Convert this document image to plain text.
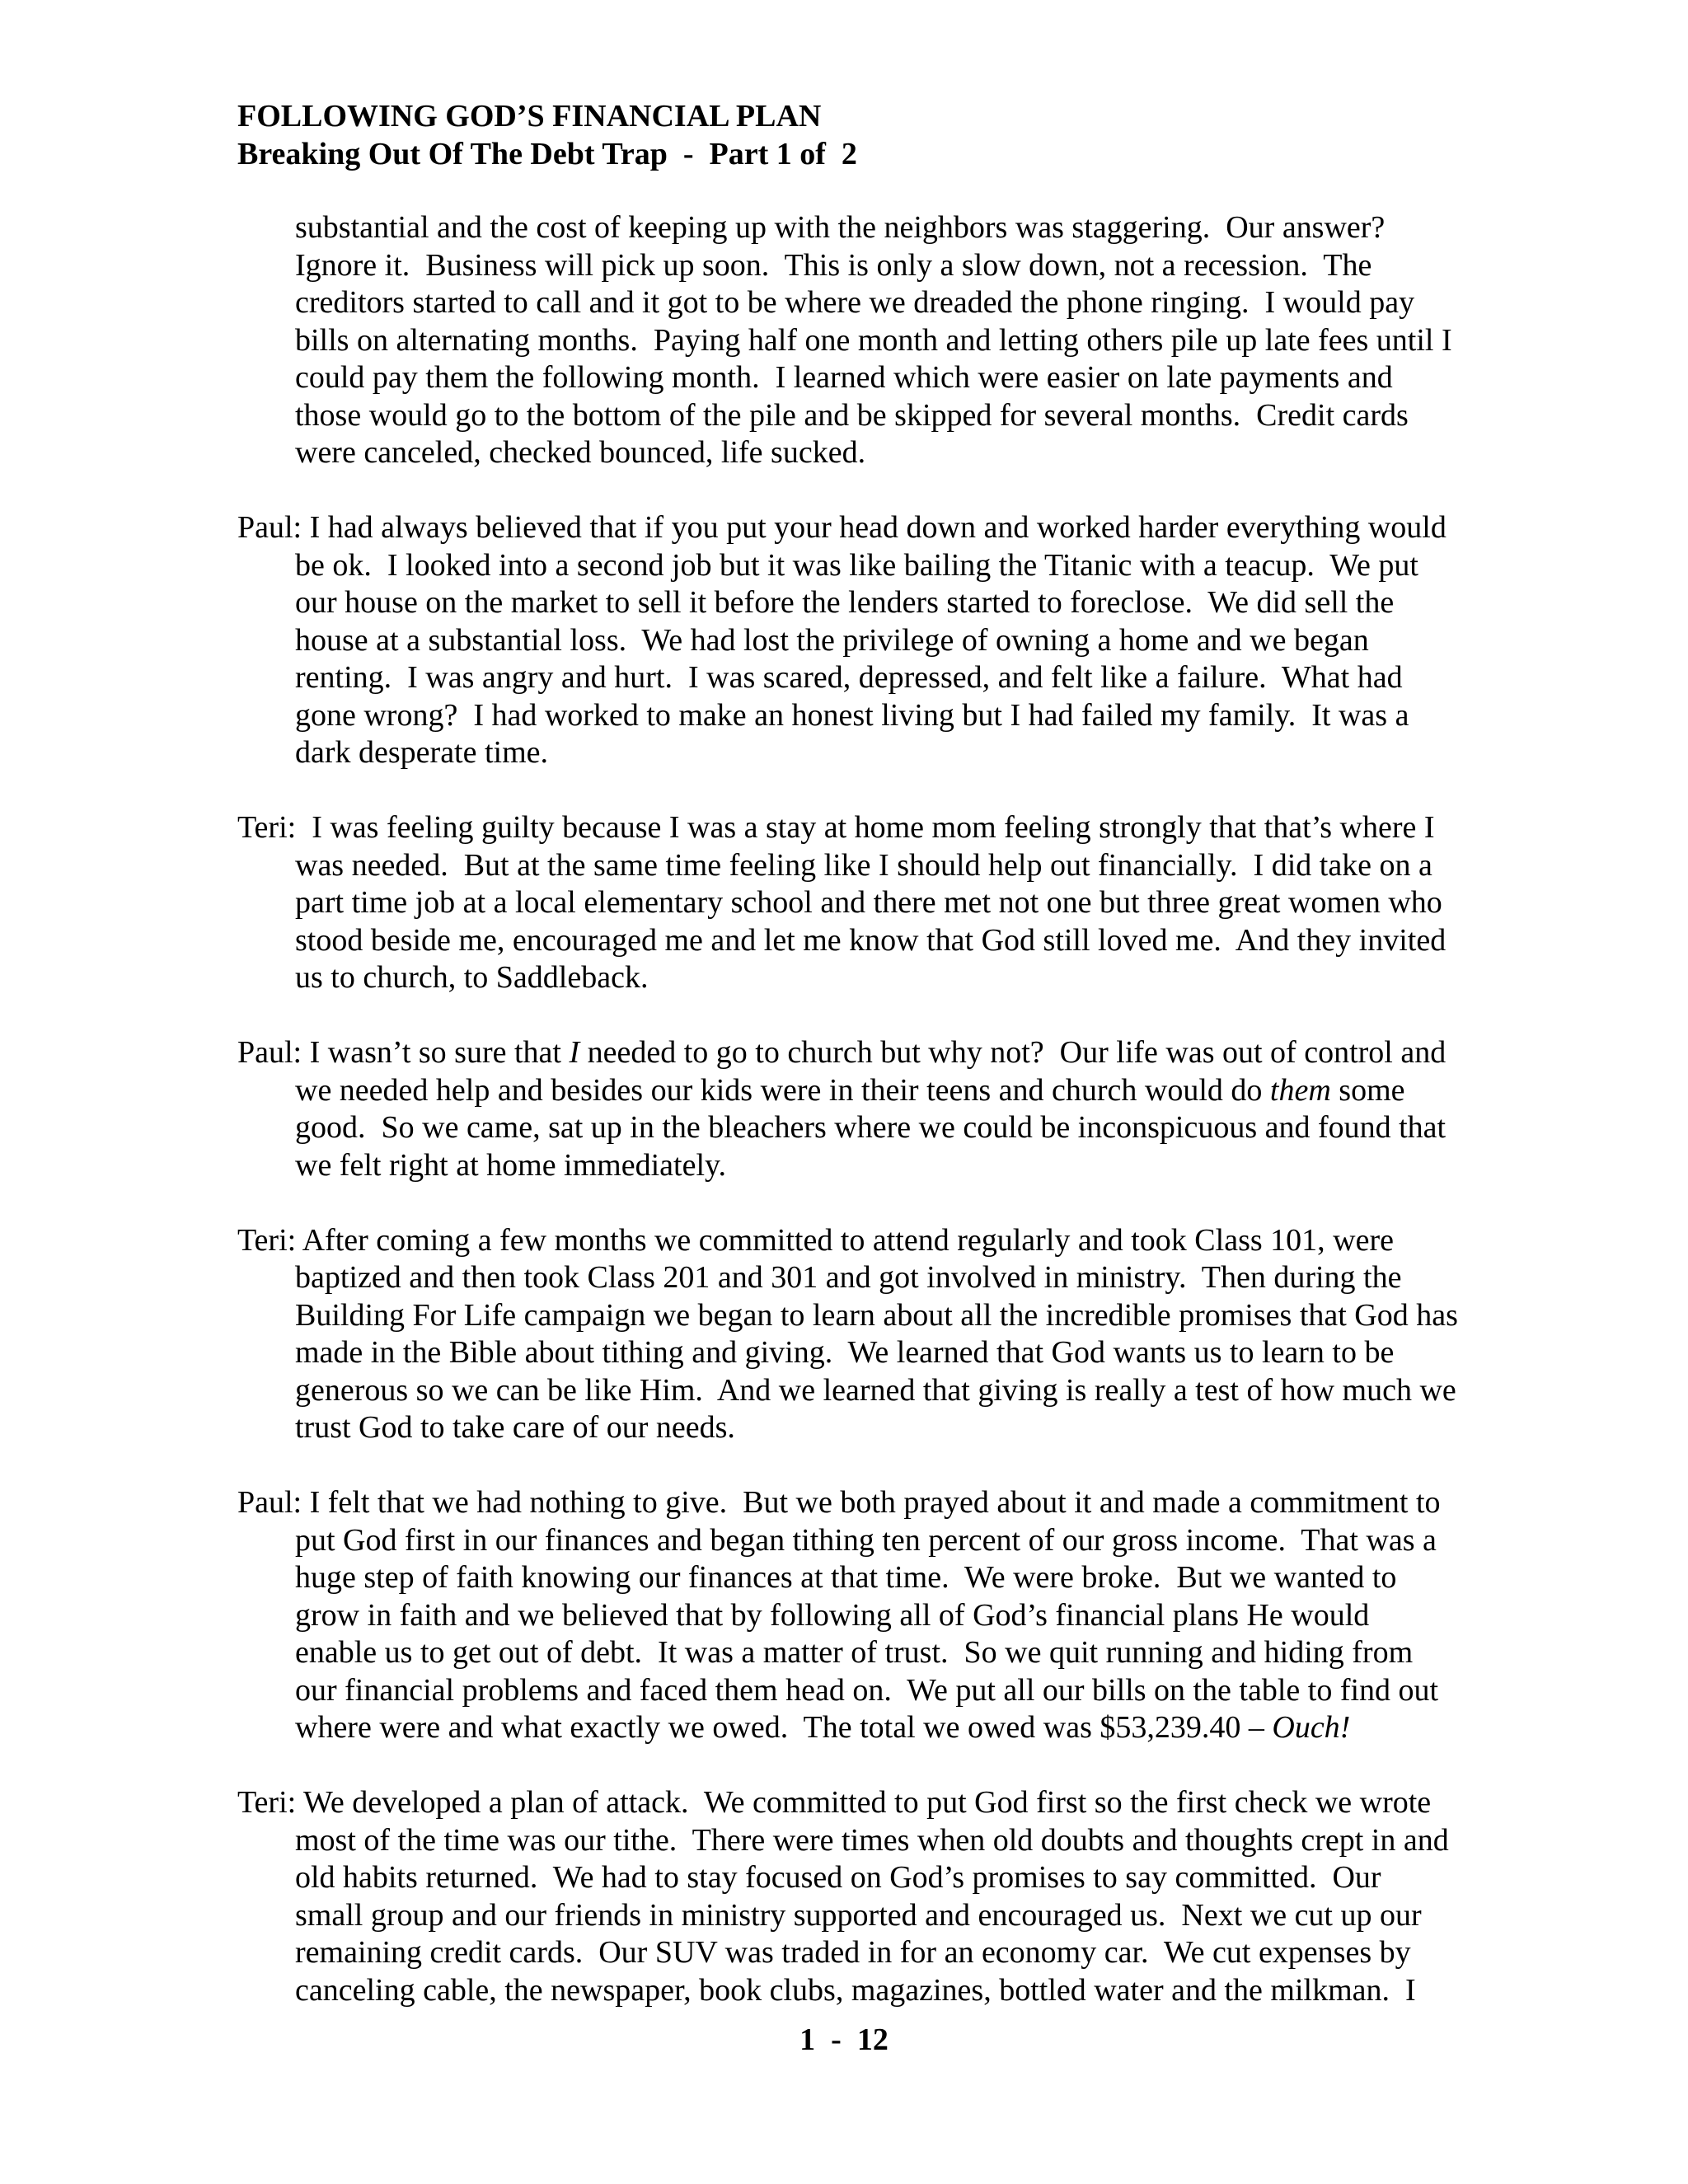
FOLLOWING GOD’S FINANCIAL PLAN
Breaking Out Of The Debt Trap  -  Part 1 of  2
substantial and the cost of keeping up with the neighbors was staggering.  Our answer?
Ignore it.  Business will pick up soon.  This is only a slow down, not a recession.  The
creditors started to call and it got to be where we dreaded the phone ringing.  I would pay
bills on alternating months.  Paying half one month and letting others pile up late fees until I
could pay them the following month.  I learned which were easier on late payments and
those would go to the bottom of the pile and be skipped for several months.  Credit cards
were canceled, checked bounced, life sucked.
Paul: I had always believed that if you put your head down and worked harder everything would
be ok.  I looked into a second job but it was like bailing the Titanic with a teacup.  We put
our house on the market to sell it before the lenders started to foreclose.  We did sell the
house at a substantial loss.  We had lost the privilege of owning a home and we began
renting.  I was angry and hurt.  I was scared, depressed, and felt like a failure.  What had
gone wrong?  I had worked to make an honest living but I had failed my family.  It was a
dark desperate time.
Teri:  I was feeling guilty because I was a stay at home mom feeling strongly that that’s where I
was needed.  But at the same time feeling like I should help out financially.  I did take on a
part time job at a local elementary school and there met not one but three great women who
stood beside me, encouraged me and let me know that God still loved me.  And they invited
us to church, to Saddleback.
Paul: I wasn’t so sure that I needed to go to church but why not?  Our life was out of control and
we needed help and besides our kids were in their teens and church would do them some
good.  So we came, sat up in the bleachers where we could be inconspicuous and found that
we felt right at home immediately.
Teri: After coming a few months we committed to attend regularly and took Class 101, were
baptized and then took Class 201 and 301 and got involved in ministry.  Then during the
Building For Life campaign we began to learn about all the incredible promises that God has
made in the Bible about tithing and giving.  We learned that God wants us to learn to be
generous so we can be like Him.  And we learned that giving is really a test of how much we
trust God to take care of our needs.
Paul: I felt that we had nothing to give.  But we both prayed about it and made a commitment to
put God first in our finances and began tithing ten percent of our gross income.  That was a
huge step of faith knowing our finances at that time.  We were broke.  But we wanted to
grow in faith and we believed that by following all of God’s financial plans He would
enable us to get out of debt.  It was a matter of trust.  So we quit running and hiding from
our financial problems and faced them head on.  We put all our bills on the table to find out
where were and what exactly we owed.  The total we owed was $53,239.40 – Ouch!
Teri: We developed a plan of attack.  We committed to put God first so the first check we wrote
most of the time was our tithe.  There were times when old doubts and thoughts crept in and
old habits returned.  We had to stay focused on God’s promises to say committed.  Our
small group and our friends in ministry supported and encouraged us.  Next we cut up our
remaining credit cards.  Our SUV was traded in for an economy car.  We cut expenses by
canceling cable, the newspaper, book clubs, magazines, bottled water and the milkman.  I
1  -  12
